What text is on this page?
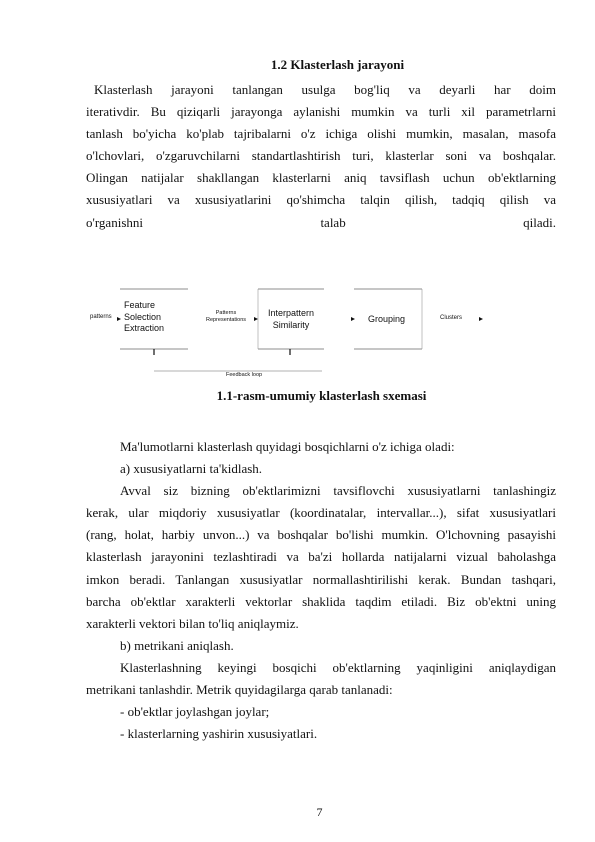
1.2 Klasterlash jarayoni
Klasterlash jarayoni tanlangan usulga bog'liq va deyarli har doim
iterativdir. Bu qiziqarli jarayonga aylanishi mumkin va turli xil parametrlarni
tanlash bo'yicha ko'plab tajribalarni o'z ichiga olishi mumkin, masalan, masofa
o'lchovlari, o'zgaruvchilarni standartlashtirish turi, klasterlar soni va boshqalar.
Olingan natijalar shakllangan klasterlarni aniq tavsiflash uchun ob'ektlarning
xususiyatlari va xususiyatlarini qo'shimcha talqin qilish, tadqiq qilish va
o'rganishni	talab	qiladi.
patterns
Feature Solection Extraction
Patterns
Representations
Interpattern
Similarity
Grouping	Clusters
Feedback loop
1.1-rasm-umumiy klasterlash sxemasi
Ma'lumotlarni klasterlash quyidagi bosqichlarni o'z ichiga oladi:
a) xususiyatlarni ta'kidlash.
Avval siz bizning ob'ektlarimizni tavsiflovchi xususiyatlarni tanlashingiz
kerak, ular miqdoriy xususiyatlar (koordinatalar, intervallar...), sifat xususiyatlari
(rang, holat, harbiy unvon...) va boshqalar bo'lishi mumkin. O'lchovning pasayishi
klasterlash jarayonini tezlashtiradi va ba'zi hollarda natijalarni vizual baholashga
imkon beradi. Tanlangan xususiyatlar normallashtirilishi kerak. Bundan tashqari,
barcha ob'ektlar xarakterli vektorlar shaklida taqdim etiladi. Biz ob'ektni uning
xarakterli vektori bilan to'liq aniqlaymiz.
b) metrikani aniqlash.
Klasterlashning keyingi bosqichi ob'ektlarning yaqinligini aniqlaydigan
metrikani tanlashdir. Metrik quyidagilarga qarab tanlanadi:
- ob'ektlar joylashgan joylar;
- klasterlarning yashirin xususiyatlari.
7
